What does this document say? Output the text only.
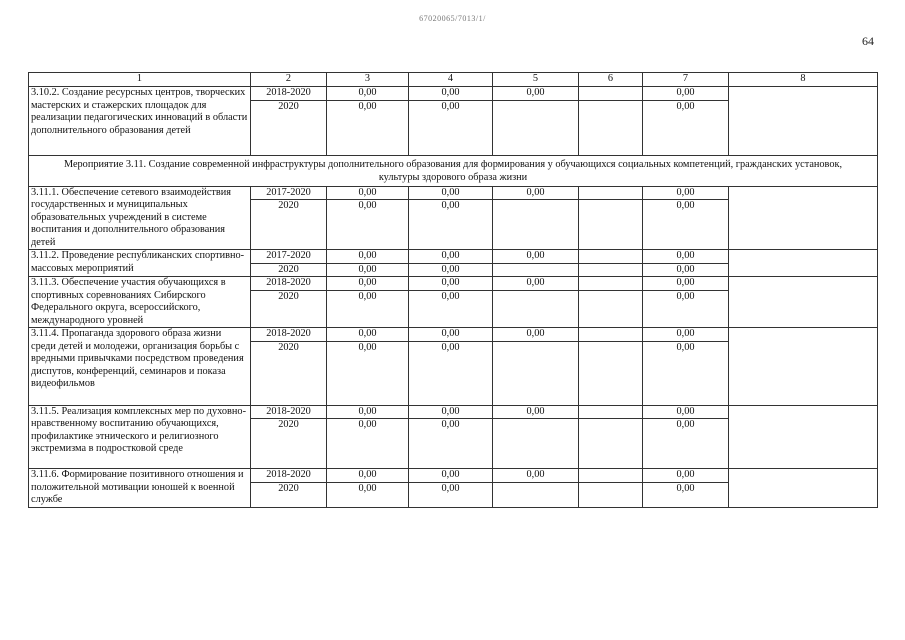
67020065/7013/1/
64
1	2	3	4	5	6	7	8
3.10.2. Создание ресурсных центров, творческих мастерских и стажерских площадок для реализации педагогических инноваций в области дополнительного образования детей	2018-2020	0,00	0,00	0,00		0,00	
	2020	0,00	0,00			0,00	
Мероприятие 3.11. Создание современной инфраструктуры дополнительного образования для формирования у обучающихся социальных компетенций, гражданских установок, культуры здорового образа жизни							
3.11.1. Обеспечение сетевого взаимодействия государственных и муниципальных образовательных учреждений в системе воспитания и дополнительного образования детей	2017-2020	0,00	0,00	0,00		0,00	
	2020	0,00	0,00			0,00	
3.11.2. Проведение республиканских спортивно-массовых мероприятий	2017-2020	0,00	0,00	0,00		0,00	
	2020	0,00	0,00			0,00	
3.11.3. Обеспечение участия обучающихся в спортивных соревнованиях Сибирского Федерального округа, всероссийского, международного уровней	2018-2020	0,00	0,00	0,00		0,00	
	2020	0,00	0,00			0,00	
3.11.4. Пропаганда здорового образа жизни среди детей и молодежи, организация борьбы с вредными привычками посредством проведения диспутов, конференций, семинаров и показа видеофильмов	2018-2020	0,00	0,00	0,00		0,00	
	2020	0,00	0,00			0,00	
3.11.5. Реализация комплексных мер по духовно-нравственному воспитанию обучающихся, профилактике этнического и религиозного экстремизма в подростковой среде	2018-2020	0,00	0,00	0,00		0,00	
	2020	0,00	0,00			0,00	
3.11.6. Формирование позитивного отношения и положительной мотивации юношей к военной службе	2018-2020	0,00	0,00	0,00		0,00	
	2020	0,00	0,00			0,00	
